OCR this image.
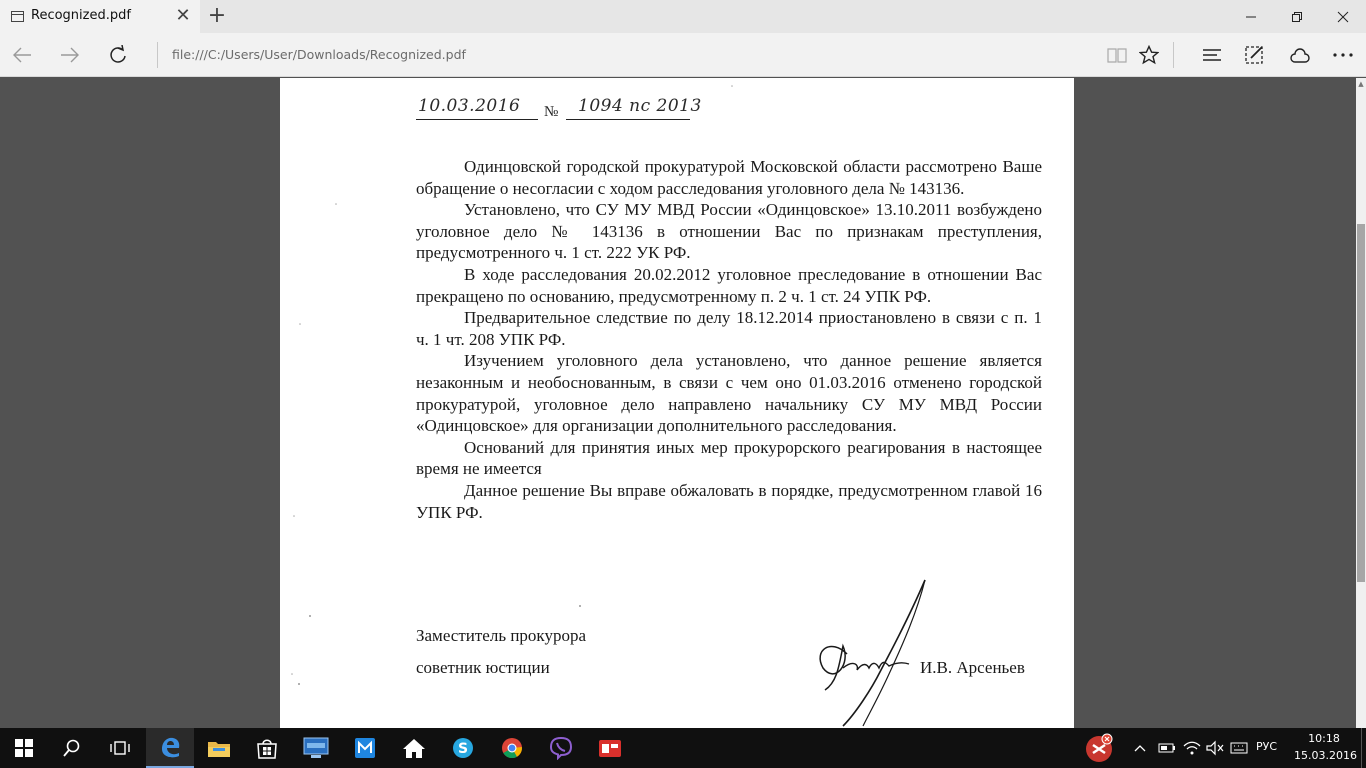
Recognized.pdf ✕ +
file:///C:/Users/User/Downloads/Recognized.pdf
10.03.2016 № 1094 пс 2013

Одинцовской городской прокуратурой Московской области рассмотрено Ваше обращение о несогласии с ходом расследования уголовного дела № 143136.

Установлено, что СУ МУ МВД России «Одинцовское» 13.10.2011 возбуждено уголовное дело № 143136 в отношении Вас по признакам преступления, предусмотренного ч. 1 ст. 222 УК РФ.

В ходе расследования 20.02.2012 уголовное преследование в отношении Вас прекращено по основанию, предусмотренному п. 2 ч. 1 ст. 24 УПК РФ.

Предварительное следствие по делу 18.12.2014 приостановлено в связи с п. 1 ч. 1 чт. 208 УПК РФ.

Изучением уголовного дела установлено, что данное решение является незаконным и необоснованным, в связи с чем оно 01.03.2016 отменено городской прокуратурой, уголовное дело направлено начальнику СУ МУ МВД России «Одинцовское» для организации дополнительного расследования.

Оснований для принятия иных мер прокурорского реагирования в настоящее время не имеется

Данное решение Вы вправе обжаловать в порядке, предусмотренном главой 16 УПК РФ.

Заместитель прокурора
советник юстиции	И.В. Арсеньев
▲
S	РУС
10:18
15.03.2016
